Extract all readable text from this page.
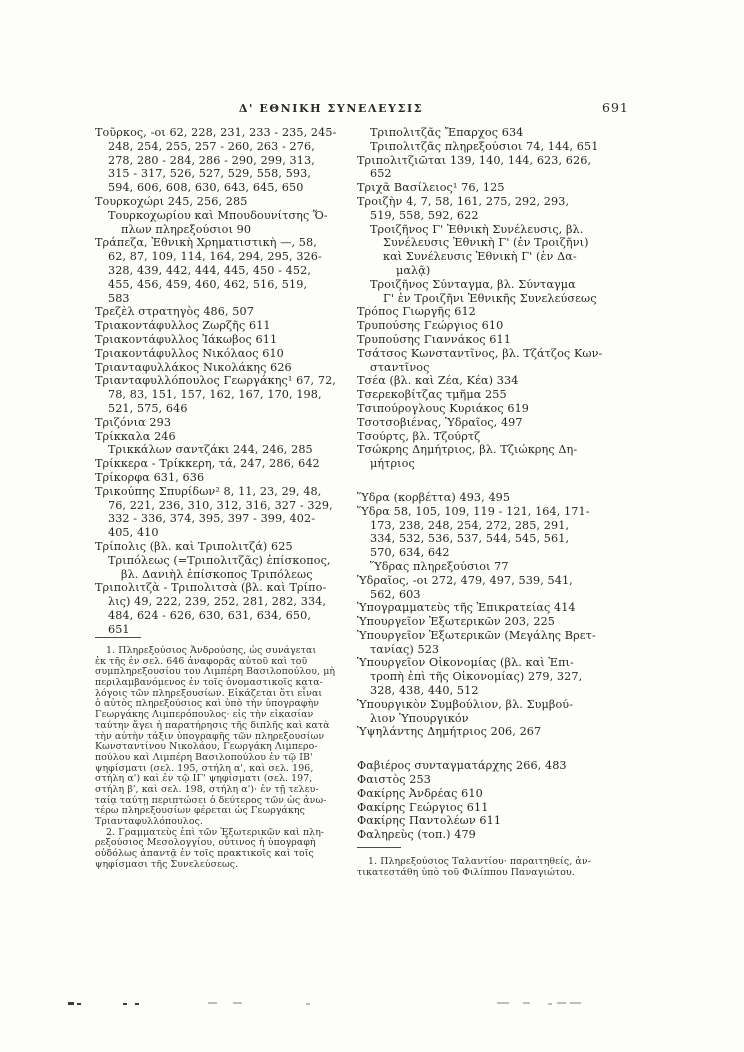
Δ' ΕΘΝΙΚΗ ΣΥΝΕΛΕΥΣΙΣ	691
Τοῦρκος, -οι 62, 228, 231, 233 - 235, 245-
248, 254, 255, 257 - 260, 263 - 276,
278, 280 - 284, 286 - 290, 299, 313,
315 - 317, 526, 527, 529, 558, 593,
594, 606, 608, 630, 643, 645, 650
Τουρκοχώρι 245, 256, 285
Τουρκοχωρίου καὶ Μπουδουνίτσης Ὅ-
πλων πληρεξούσιοι 90
Τράπεζα, Ἐθνικὴ Χρηματιστικὴ —, 58,
62, 87, 109, 114, 164, 294, 295, 326-
328, 439, 442, 444, 445, 450 - 452,
455, 456, 459, 460, 462, 516, 519,
583
Τρεζὲλ στρατηγὸς 486, 507
Τριακοντάφυλλος Ζωρζῆς 611
Τριακοντάφυλλος Ἰάκωβος 611
Τριακοντάφυλλος Νικόλαος 610
Τριανταφυλλάκος Νικολάκης 626
Τριανταφυλλόπουλος Γεωργάκης¹ 67, 72,
78, 83, 151, 157, 162, 167, 170, 198,
521, 575, 646
Τριζόνια 293
Τρίκκαλα 246
Τρικκάλων σαντζάκι 244, 246, 285
Τρίκκερα - Τρίκκερη, τά, 247, 286, 642
Τρίκορφα 631, 636
Τρικούπης Σπυρίδων² 8, 11, 23, 29, 48,
76, 221, 236, 310, 312, 316, 327 - 329,
332 - 336, 374, 395, 397 - 399, 402-
405, 410
Τρίπολις (βλ. καὶ Τριπολιτζά) 625
Τριπόλεως (=Τριπολιτζᾶς) ἐπίσκοπος,
βλ. Δανιὴλ ἐπίσκοπος Τριπόλεως
Τριπολιτζὰ - Τριπολιτσὰ (βλ. καὶ Τρίπο-
λις) 49, 222, 239, 252, 281, 282, 334,
484, 624 - 626, 630, 631, 634, 650,
651
Τριπολιτζᾶς Ἔπαρχος 634
Τριπολιτζᾶς πληρεξούσιοι 74, 144, 651
Τριπολιτζιῶται 139, 140, 144, 623, 626,
652
Τριχᾶ Βασίλειος¹ 76, 125
Τροιζὴν 4, 7, 58, 161, 275, 292, 293,
519, 558, 592, 622
Τροιζῆνος Γ' Ἐθνικὴ Συνέλευσις, βλ.
Συνέλευσις Ἐθνικὴ Γ' (ἐν Τροιζῆνι)
καὶ Συνέλευσις Ἐθνικὴ Γ' (ἐν Δα-
μαλᾷ)
Τροιζῆνος Σύνταγμα, βλ. Σύνταγμα
Γ' ἐν Τροιζῆνι Ἐθνικῆς Συνελεύσεως
Τρόπος Γιωργῆς 612
Τρυπούσης Γεώργιος 610
Τρυπούσης Γιαννάκος 611
Τσάτσος Κωνσταντῖνος, βλ. Τζάτζος Κων-
σταντῖνος
Τσέα (βλ. καὶ Ζέα, Κέα) 334
Τσερεκοβίτζας τμῆμα 255
Τσιπούρογλους Κυριάκος 619
Τσοτσοβιένας, Ὑδραῖος, 497
Τσούρτς, βλ. Τζούρτζ
Τσώκρης Δημήτριος, βλ. Τζιώκρης Δη-
μήτριος
Ὕδρα (κορβέττα) 493, 495
Ὕδρα 58, 105, 109, 119 - 121, 164, 171-
173, 238, 248, 254, 272, 285, 291,
334, 532, 536, 537, 544, 545, 561,
570, 634, 642
Ὕδρας πληρεξούσιοι 77
Ὑδραῖος, -οι 272, 479, 497, 539, 541,
562, 603
Ὑπογραμματεὺς τῆς Ἐπικρατείας 414
Ὑπουργεῖον Ἐξωτερικῶν 203, 225
Ὑπουργεῖον Ἐξωτερικῶν (Μεγάλης Βρετ-
τανίας) 523
Ὑπουργεῖον Οἰκονομίας (βλ. καὶ Ἐπι-
τροπὴ ἐπὶ τῆς Οἰκονομίας) 279, 327,
328, 438, 440, 512
Ὑπουργικὸν Συμβούλιον, βλ. Συμβού-
λιον Ὑπουργικόν
Ὑψηλάντης Δημήτριος 206, 267
Φαβιέρος συνταγματάρχης 266, 483
Φαιστὸς 253
Φακίρης Ἀνδρέας 610
Φακίρης Γεώργιος 611
Φακίρης Παντολέων 611
Φαληρεὺς (τοπ.) 479
1. Πληρεξούσιος Ἀνδρούσης, ὡς συνάγεται
ἐκ τῆς ἐν σελ. 646 ἀναφορᾶς αὐτοῦ καὶ τοῦ
συμπληρεξουσίου του Λιμπέρη Βασιλοπούλου, μὴ
περιλαμβανόμενος ἐν τοῖς ὀνομαστικοῖς κατα-
λόγοις τῶν πληρεξουσίων. Εἰκάζεται ὅτι εἶναι
ὁ αὐτὸς πληρεξούσιος καὶ ὑπὸ τὴν ὑπογραφὴν
Γεωργάκης Λιμπερόπουλος· εἰς τὴν εἰκασίαν
ταύτην ἄγει ἡ παρατήρησις τῆς διπλῆς καὶ κατὰ
τὴν αὐτὴν τάξιν ὑπογραφῆς τῶν πληρεξουσίων
Κωνσταντίνου Νικολάου, Γεωργάκη Λιμπερο-
πούλου καὶ Λιμπέρη Βασιλοπούλου ἐν τῷ ΙΒ'
ψηφίσματι (σελ. 195, στήλη α', καὶ σελ. 196,
στήλη α') καὶ ἐν τῷ ΙΓ' ψηφίσματι (σελ. 197,
στήλη β', καὶ σελ. 198, στήλη α')· ἐν τῇ τελευ-
ταίᾳ ταύτῃ περιπτώσει ὁ δεύτερος τῶν ὡς ἀνω-
τέρω πληρεξουσίων φέρεται ὡς Γεωργάκης
Τριανταφυλλόπουλος.
2. Γραμματεὺς ἐπὶ τῶν Ἐξωτερικῶν καὶ πλη-
ρεξούσιος Μεσολογγίου, οὗτινος ἡ ὑπογραφὴ
οὐδόλως ἀπαντᾷ ἐν τοῖς πρακτικοῖς καὶ τοῖς
ψηφίσμασι τῆς Συνελεύσεως.	1. Πληρεξούσιος Ταλαντίου· παραιτηθείς, ἀν-
τικατεστάθη ὑπὸ τοῦ Φιλίππου Παναγιώτου.
